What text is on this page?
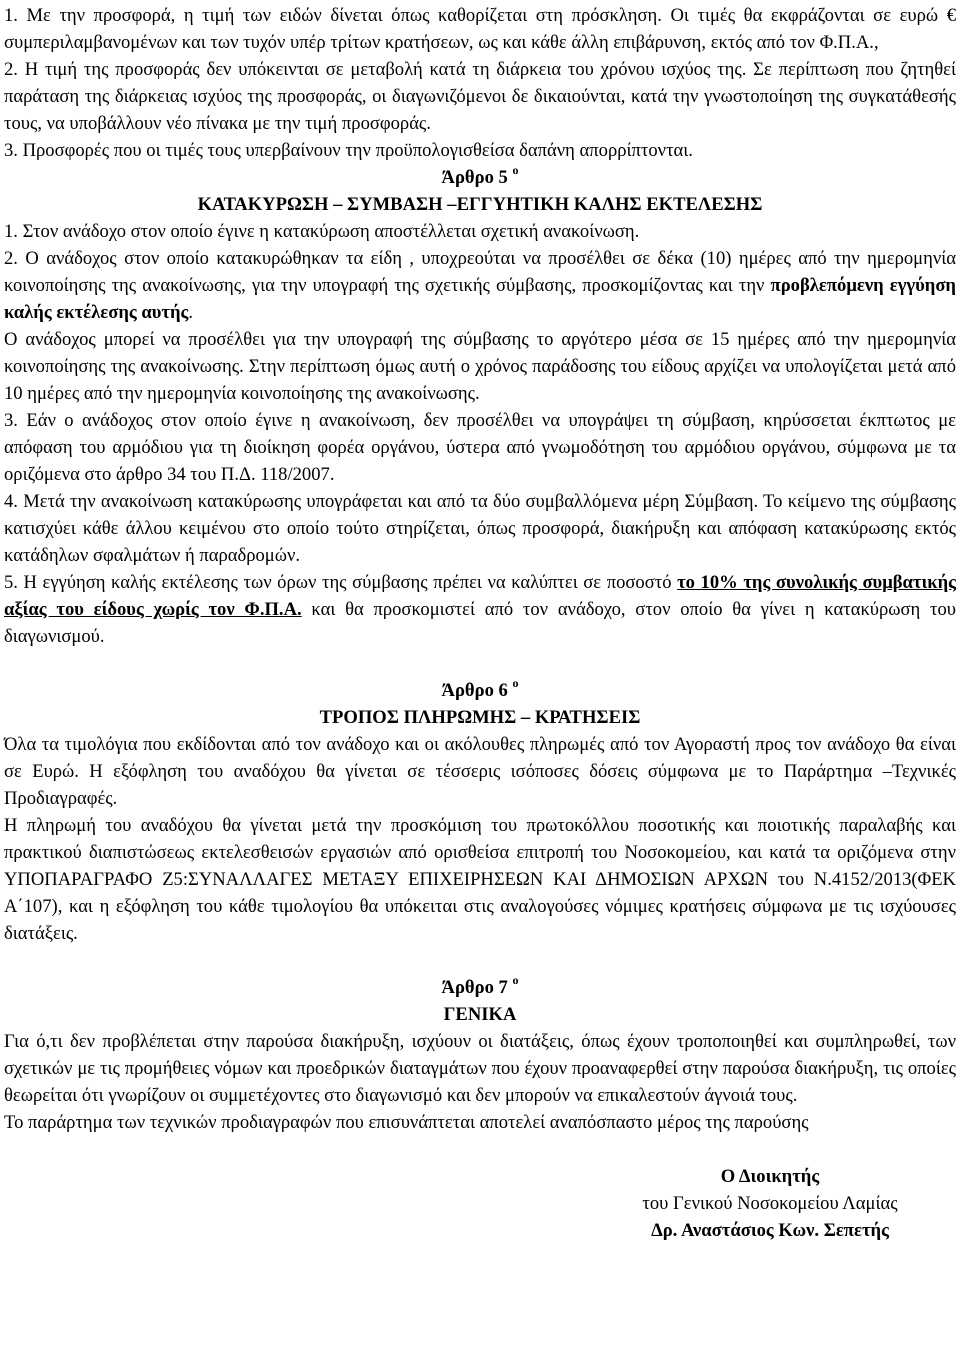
1. Με την προσφορά, η τιμή των ειδών δίνεται όπως καθορίζεται στη πρόσκληση. Οι τιμές θα εκφράζονται σε ευρώ € συμπεριλαμβανομένων και των τυχόν υπέρ τρίτων κρατήσεων, ως και κάθε άλλη επιβάρυνση, εκτός από τον Φ.Π.Α.,

2. Η τιμή της προσφοράς δεν υπόκεινται σε μεταβολή κατά τη διάρκεια του χρόνου ισχύος της. Σε περίπτωση που ζητηθεί παράταση της διάρκειας ισχύος της προσφοράς, οι διαγωνιζόμενοι δε δικαιούνται, κατά την γνωστοποίηση της συγκατάθεσής τους, να υποβάλλουν νέο πίνακα με την τιμή προσφοράς.

3. Προσφορές που οι τιμές τους υπερβαίνουν την προϋπολογισθείσα δαπάνη απορρίπτονται.

Άρθρο 5 $^o$
ΚΑΤΑΚΥΡΩΣΗ – ΣΥΜΒΑΣΗ –ΕΓΓΥΗΤΙΚΗ ΚΑΛΗΣ ΕΚΤΕΛΕΣΗΣ

1. Στον ανάδοχο στον οποίο έγινε η κατακύρωση αποστέλλεται σχετική ανακοίνωση.

2. Ο ανάδοχος στον οποίο κατακυρώθηκαν τα είδη , υποχρεούται να προσέλθει σε δέκα (10) ημέρες από την ημερομηνία κοινοποίησης της ανακοίνωσης, για την υπογραφή της σχετικής σύμβασης, προσκομίζοντας και την προβλεπόμενη εγγύηση καλής εκτέλεσης αυτής.

Ο ανάδοχος μπορεί να προσέλθει για την υπογραφή της σύμβασης το αργότερο μέσα σε 15 ημέρες από την ημερομηνία κοινοποίησης της ανακοίνωσης. Στην περίπτωση όμως αυτή ο χρόνος παράδοσης του είδους αρχίζει να υπολογίζεται μετά από 10 ημέρες από την ημερομηνία κοινοποίησης της ανακοίνωσης.

3. Εάν ο ανάδοχος στον οποίο έγινε η ανακοίνωση, δεν προσέλθει να υπογράψει τη σύμβαση, κηρύσσεται έκπτωτος με απόφαση του αρμόδιου για τη διοίκηση φορέα οργάνου, ύστερα από γνωμοδότηση του αρμόδιου οργάνου, σύμφωνα με τα οριζόμενα στο άρθρο 34 του Π.Δ. 118/2007.

4. Μετά την ανακοίνωση κατακύρωσης υπογράφεται και από τα δύο συμβαλλόμενα μέρη Σύμβαση. Το κείμενο της σύμβασης κατισχύει κάθε άλλου κειμένου στο οποίο τούτο στηρίζεται, όπως προσφορά, διακήρυξη και απόφαση κατακύρωσης εκτός κατάδηλων σφαλμάτων ή παραδρομών.

5. Η εγγύηση καλής εκτέλεσης των όρων της σύμβασης πρέπει να καλύπτει σε ποσοστό το 10% της συνολικής συμβατικής αξίας του είδους χωρίς τον Φ.Π.Α. και θα προσκομιστεί από τον ανάδοχο, στον οποίο θα γίνει η κατακύρωση του διαγωνισμού.

Άρθρο 6 $^o$
ΤΡΟΠΟΣ ΠΛΗΡΩΜΗΣ – ΚΡΑΤΗΣΕΙΣ

Όλα τα τιμολόγια που εκδίδονται από τον ανάδοχο και οι ακόλουθες πληρωμές από τον Αγοραστή προς τον ανάδοχο θα είναι σε Ευρώ. Η εξόφληση του αναδόχου θα γίνεται σε τέσσερις ισόποσες δόσεις σύμφωνα με το Παράρτημα –Τεχνικές Προδιαγραφές.

Η πληρωμή του αναδόχου θα γίνεται μετά την προσκόμιση του πρωτοκόλλου ποσοτικής και ποιοτικής παραλαβής και πρακτικού διαπιστώσεως εκτελεσθεισών εργασιών από ορισθείσα επιτροπή του Νοσοκομείου, και κατά τα οριζόμενα στην ΥΠΟΠΑΡΑΓΡΑΦΟ Ζ5:ΣΥΝΑΛΛΑΓΕΣ ΜΕΤΑΞΥ ΕΠΙΧΕΙΡΗΣΕΩΝ ΚΑΙ ΔΗΜΟΣΙΩΝ ΑΡΧΩΝ του Ν.4152/2013(ΦΕΚ Α΄107), και η εξόφληση του κάθε τιμολογίου θα υπόκειται στις αναλογούσες νόμιμες κρατήσεις σύμφωνα με τις ισχύουσες διατάξεις.

Άρθρο 7 $^o$
ΓΕΝΙΚΑ

Για ό,τι δεν προβλέπεται στην παρούσα διακήρυξη, ισχύουν οι διατάξεις, όπως έχουν τροποποιηθεί και συμπληρωθεί, των σχετικών με τις προμήθειες νόμων και προεδρικών διαταγμάτων που έχουν προαναφερθεί στην παρούσα διακήρυξη, τις οποίες θεωρείται ότι γνωρίζουν οι συμμετέχοντες στο διαγωνισμό και δεν μπορούν να επικαλεστούν άγνοιά τους.

Το παράρτημα των τεχνικών προδιαγραφών που επισυνάπτεται αποτελεί αναπόσπαστο μέρος της παρούσης

Ο Διοικητής
του Γενικού Νοσοκομείου Λαμίας
Δρ. Αναστάσιος Κων. Σεπετής
